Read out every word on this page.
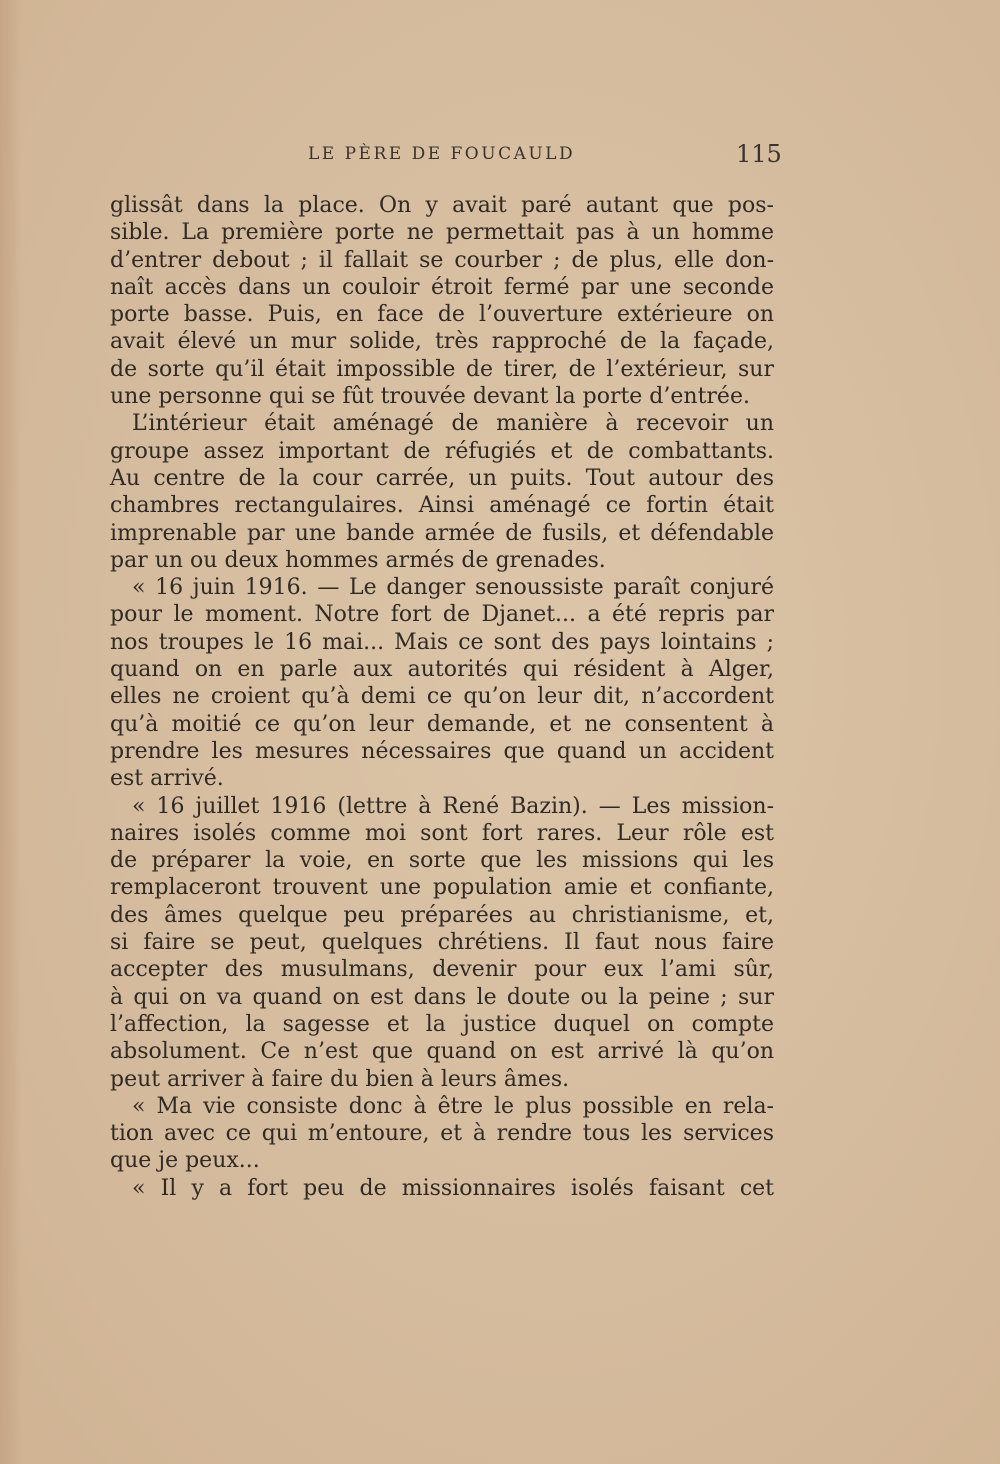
LE PÈRE DE FOUCAULD	115
glissât dans la place. On y avait paré autant que pos-
sible. La première porte ne permettait pas à un homme
d’entrer debout ; il fallait se courber ; de plus, elle don-
naît accès dans un couloir étroit fermé par une seconde
porte basse. Puis, en face de l’ouverture extérieure on
avait élevé un mur solide, très rapproché de la façade,
de sorte qu’il était impossible de tirer, de l’extérieur, sur
une personne qui se fût trouvée devant la porte d’entrée.
L’intérieur était aménagé de manière à recevoir un
groupe assez important de réfugiés et de combattants.
Au centre de la cour carrée, un puits. Tout autour des
chambres rectangulaires. Ainsi aménagé ce fortin était
imprenable par une bande armée de fusils, et défendable
par un ou deux hommes armés de grenades.
« 16 juin 1916. — Le danger senoussiste paraît conjuré
pour le moment. Notre fort de Djanet... a été repris par
nos troupes le 16 mai... Mais ce sont des pays lointains ;
quand on en parle aux autorités qui résident à Alger,
elles ne croient qu’à demi ce qu’on leur dit, n’accordent
qu’à moitié ce qu’on leur demande, et ne consentent à
prendre les mesures nécessaires que quand un accident
est arrivé.
« 16 juillet 1916 (lettre à René Bazin). — Les mission-
naires isolés comme moi sont fort rares. Leur rôle est
de préparer la voie, en sorte que les missions qui les
remplaceront trouvent une population amie et confiante,
des âmes quelque peu préparées au christianisme, et,
si faire se peut, quelques chrétiens. Il faut nous faire
accepter des musulmans, devenir pour eux l’ami sûr,
à qui on va quand on est dans le doute ou la peine ; sur
l’affection, la sagesse et la justice duquel on compte
absolument. Ce n’est que quand on est arrivé là qu’on
peut arriver à faire du bien à leurs âmes.
« Ma vie consiste donc à être le plus possible en rela-
tion avec ce qui m’entoure, et à rendre tous les services
que je peux...
« Il y a fort peu de missionnaires isolés faisant cet
